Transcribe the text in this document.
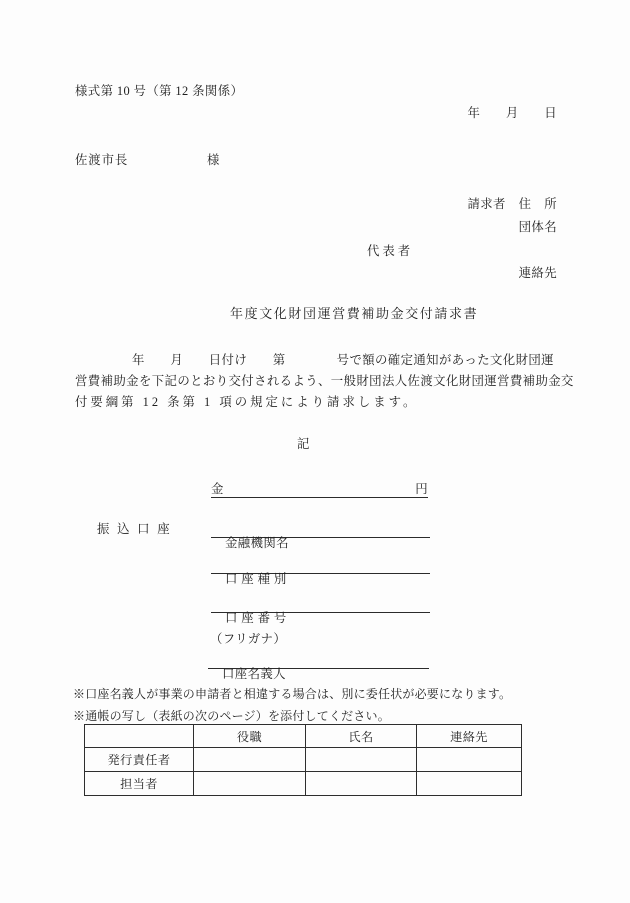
様式第 10 号（第 12 条関係）
年　　月　　日
佐渡市長	様
請求者　住　所
団体名
代表者
連絡先
年度文化財団運営費補助金交付請求書
年　　月　　日付け　　第　　　　号で額の確定通知があった文化財団運
営費補助金を下記のとおり交付されるよう、一般財団法人佐渡文化財団運営費補助金交
付要綱第 12 条第 1 項の規定により請求します。
記
金	円
振 込 口 座

金融機関名

口 座 種 別

口 座 番 号

（フリガナ）

口座名義人

※口座名義人が事業の申請者と相違する場合は、別に委任状が必要になります。
※通帳の写し（表紙の次のページ）を添付してください。
	役職	氏名	連絡先
発行責任者			
担当者			
